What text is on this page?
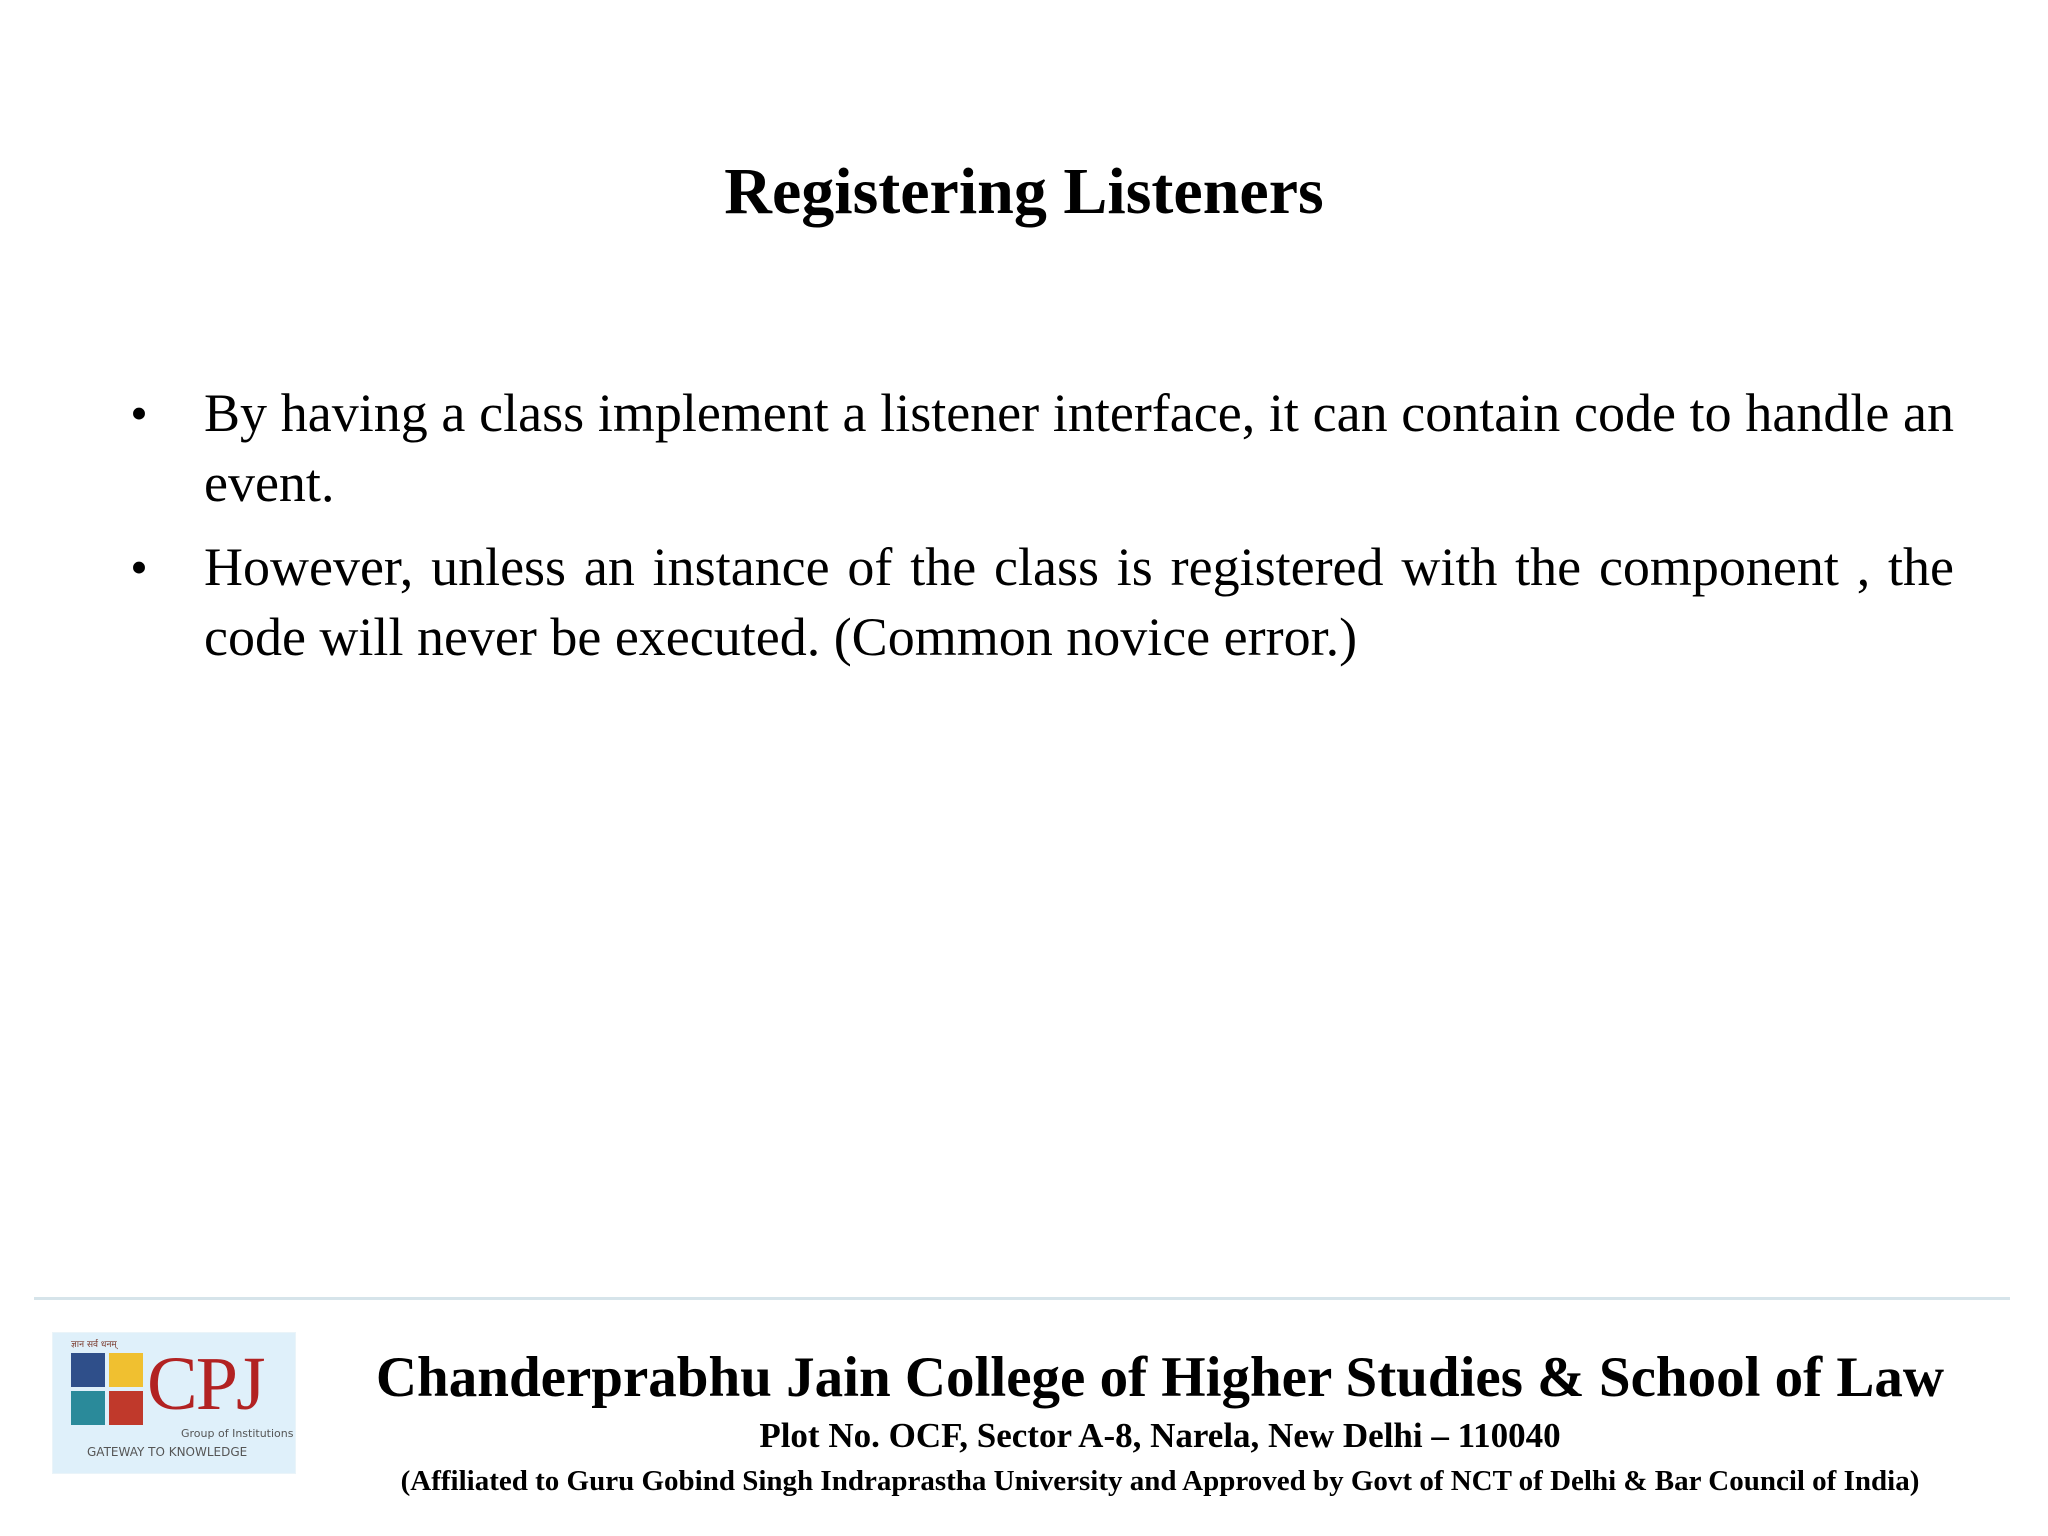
Registering Listeners
• By having a class implement a listener interface, it can contain code to handle an event.
• However, unless an instance of the class is registered with the component , the code will never be executed. (Common novice error.)
ज्ञान सर्व धनम् CPJ
Group of Institutions
GATEWAY TO KNOWLEDGE
Chanderprabhu Jain College of Higher Studies & School of Law
Plot No. OCF, Sector A-8, Narela, New Delhi – 110040
(Affiliated to Guru Gobind Singh Indraprastha University and Approved by Govt of NCT of Delhi & Bar Council of India)
